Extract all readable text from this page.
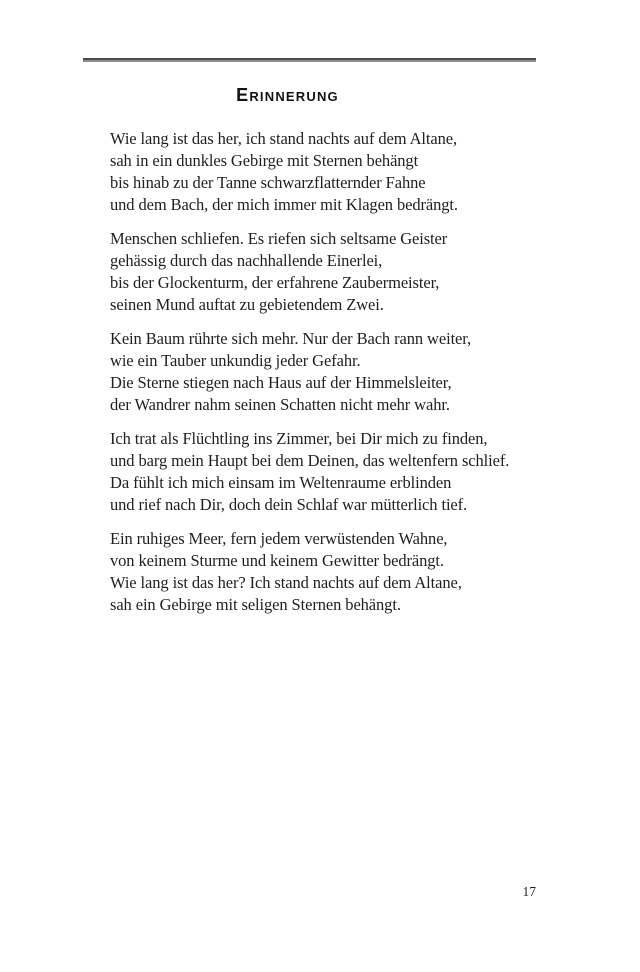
Erinnerung
Wie lang ist das her, ich stand nachts auf dem Altane,
sah in ein dunkles Gebirge mit Sternen behängt
bis hinab zu der Tanne schwarzflatternder Fahne
und dem Bach, der mich immer mit Klagen bedrängt.
Menschen schliefen. Es riefen sich seltsame Geister
gehässig durch das nachhallende Einerlei,
bis der Glockenturm, der erfahrene Zaubermeister,
seinen Mund auftat zu gebietendem Zwei.
Kein Baum rührte sich mehr. Nur der Bach rann weiter,
wie ein Tauber unkundig jeder Gefahr.
Die Sterne stiegen nach Haus auf der Himmelsleiter,
der Wandrer nahm seinen Schatten nicht mehr wahr.
Ich trat als Flüchtling ins Zimmer, bei Dir mich zu finden,
und barg mein Haupt bei dem Deinen, das weltenfern schlief.
Da fühlt ich mich einsam im Weltenraume erblinden
und rief nach Dir, doch dein Schlaf war mütterlich tief.
Ein ruhiges Meer, fern jedem verwüstenden Wahne,
von keinem Sturme und keinem Gewitter bedrängt.
Wie lang ist das her? Ich stand nachts auf dem Altane,
sah ein Gebirge mit seligen Sternen behängt.
17
